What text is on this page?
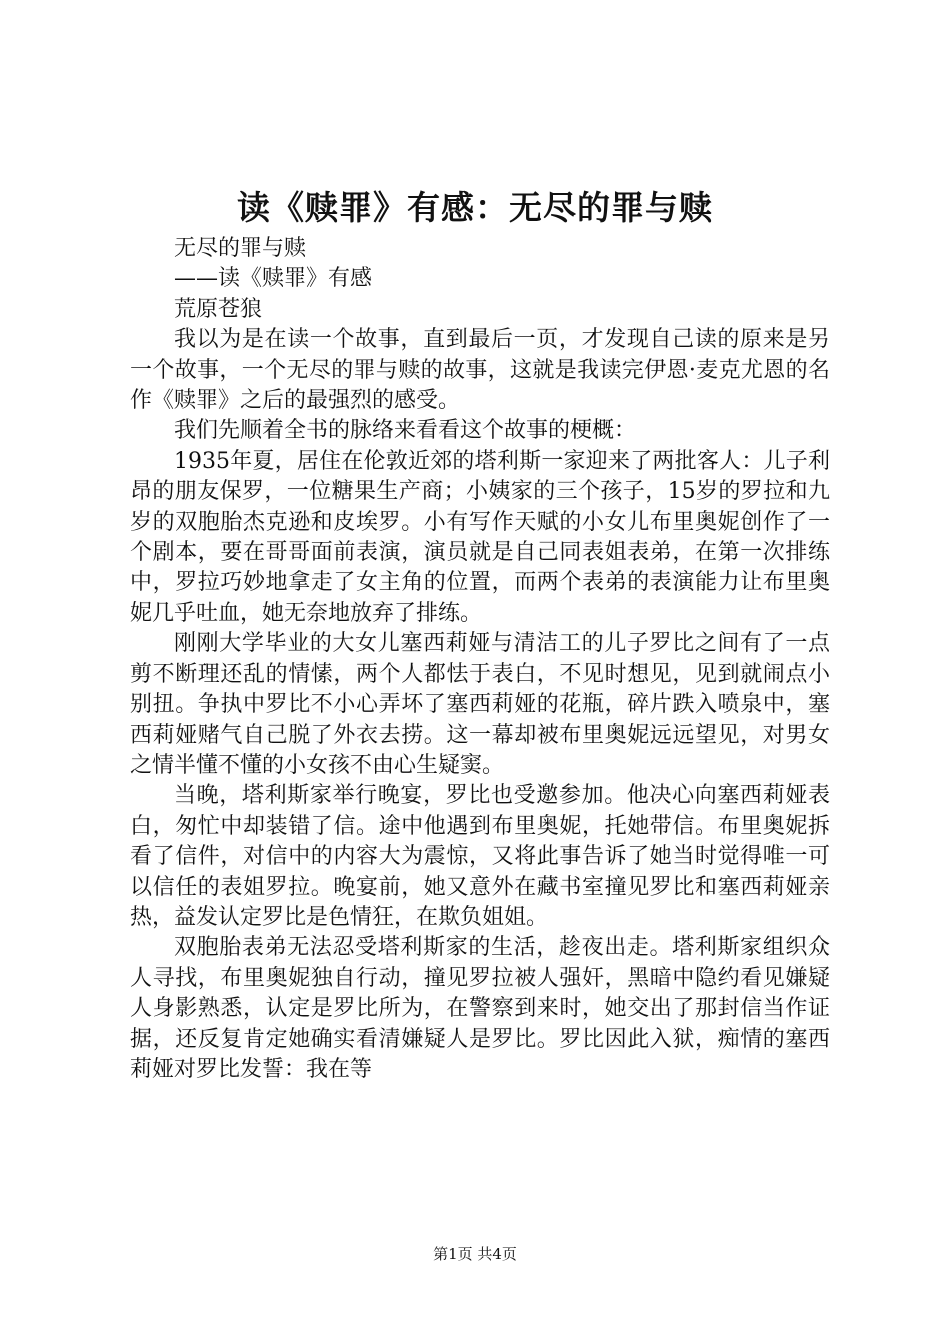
读《赎罪》有感：无尽的罪与赎

无尽的罪与赎

——读《赎罪》有感

荒原苍狼

我以为是在读一个故事，直到最后一页，才发现自己读的原来是另一个故事，一个无尽的罪与赎的故事，这就是我读完伊恩·麦克尤恩的名作《赎罪》之后的最强烈的感受。

我们先顺着全书的脉络来看看这个故事的梗概：

1935年夏，居住在伦敦近郊的塔利斯一家迎来了两批客人：儿子利昂的朋友保罗，一位糖果生产商；小姨家的三个孩子，15岁的罗拉和九岁的双胞胎杰克逊和皮埃罗。小有写作天赋的小女儿布里奥妮创作了一个剧本，要在哥哥面前表演，演员就是自己同表姐表弟，在第一次排练中，罗拉巧妙地拿走了女主角的位置，而两个表弟的表演能力让布里奥妮几乎吐血，她无奈地放弃了排练。

刚刚大学毕业的大女儿塞西莉娅与清洁工的儿子罗比之间有了一点剪不断理还乱的情愫，两个人都怯于表白，不见时想见，见到就闹点小别扭。争执中罗比不小心弄坏了塞西莉娅的花瓶，碎片跌入喷泉中，塞西莉娅赌气自己脱了外衣去捞。这一幕却被布里奥妮远远望见，对男女之情半懂不懂的小女孩不由心生疑窦。

当晚，塔利斯家举行晚宴，罗比也受邀参加。他决心向塞西莉娅表白，匆忙中却装错了信。途中他遇到布里奥妮，托她带信。布里奥妮拆看了信件，对信中的内容大为震惊，又将此事告诉了她当时觉得唯一可以信任的表姐罗拉。晚宴前，她又意外在藏书室撞见罗比和塞西莉娅亲热，益发认定罗比是色情狂，在欺负姐姐。

双胞胎表弟无法忍受塔利斯家的生活，趁夜出走。塔利斯家组织众人寻找，布里奥妮独自行动，撞见罗拉被人强奸，黑暗中隐约看见嫌疑人身影熟悉，认定是罗比所为，在警察到来时，她交出了那封信当作证据，还反复肯定她确实看清嫌疑人是罗比。罗比因此入狱，痴情的塞西莉娅对罗比发誓：我在等

第1页 共4页
